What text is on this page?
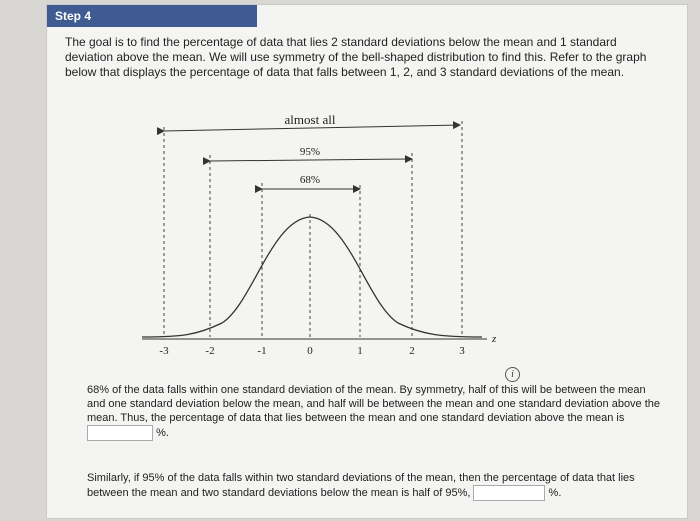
Step 4
The goal is to find the percentage of data that lies 2 standard deviations below the mean and 1 standard deviation above the mean. We will use symmetry of the bell-shaped distribution to find this. Refer to the graph below that displays the percentage of data that falls between 1, 2, and 3 standard deviations of the mean.
almost all
95%
68%
z
-3	-2	-1	0	1	2	3
i
68% of the data falls within one standard deviation of the mean. By symmetry, half of this will be between the mean and one standard deviation below the mean, and half will be between the mean and one standard deviation above the mean. Thus, the percentage of data that lies between the mean and one standard deviation above the mean is  %.
Similarly, if 95% of the data falls within two standard deviations of the mean, then the percentage of data that lies between the mean and two standard deviations below the mean is half of 95%,	%.
